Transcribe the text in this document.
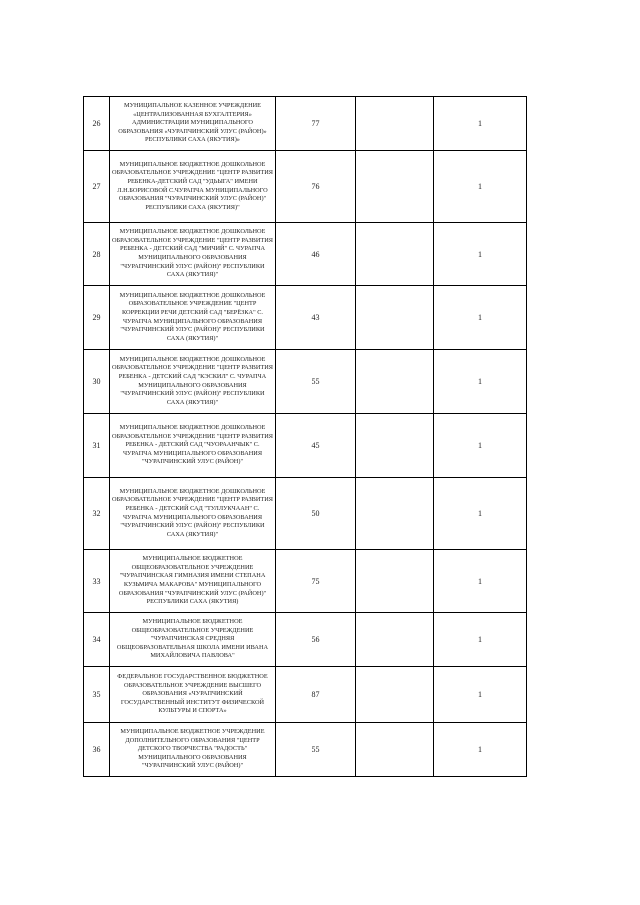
26	МУНИЦИПАЛЬНОЕ КАЗЕННОЕ УЧРЕЖДЕНИЕ «ЦЕНТРАЛИЗОВАННАЯ БУХГАЛТЕРИЯ» АДМИНИСТРАЦИИ МУНИЦИПАЛЬНОГО ОБРАЗОВАНИЯ «ЧУРАПЧИНСКИЙ УЛУС (РАЙОН)» РЕСПУБЛИКИ САХА (ЯКУТИЯ)»	77		1
27	МУНИЦИПАЛЬНОЕ БЮДЖЕТНОЕ ДОШКОЛЬНОЕ ОБРАЗОВАТЕЛЬНОЕ УЧРЕЖДЕНИЕ "ЦЕНТР РАЗВИТИЯ РЕБЕНКА-ДЕТСКИЙ САД "УДЬЫГА" ИМЕНИ Л.Н.БОРИСОВОЙ С.ЧУРАПЧА МУНИЦИПАЛЬНОГО ОБРАЗОВАНИЯ "ЧУРАПЧИНСКИЙ УЛУС (РАЙОН)" РЕСПУБЛИКИ САХА (ЯКУТИЯ)"	76		1
28	МУНИЦИПАЛЬНОЕ БЮДЖЕТНОЕ ДОШКОЛЬНОЕ ОБРАЗОВАТЕЛЬНОЕ УЧРЕЖДЕНИЕ "ЦЕНТР РАЗВИТИЯ РЕБЕНКА - ДЕТСКИЙ САД "МИЧИЙ" С. ЧУРАПЧА МУНИЦИПАЛЬНОГО ОБРАЗОВАНИЯ "ЧУРАПЧИНСКИЙ УЛУС (РАЙОН)" РЕСПУБЛИКИ САХА (ЯКУТИЯ)"	46		1
29	МУНИЦИПАЛЬНОЕ БЮДЖЕТНОЕ ДОШКОЛЬНОЕ ОБРАЗОВАТЕЛЬНОЕ УЧРЕЖДЕНИЕ "ЦЕНТР КОРРЕКЦИИ РЕЧИ ДЕТСКИЙ САД "БЕРЁЗКА" С. ЧУРАПЧА МУНИЦИПАЛЬНОГО ОБРАЗОВАНИЯ "ЧУРАПЧИНСКИЙ УЛУС (РАЙОН)" РЕСПУБЛИКИ САХА (ЯКУТИЯ)"	43		1
30	МУНИЦИПАЛЬНОЕ БЮДЖЕТНОЕ ДОШКОЛЬНОЕ ОБРАЗОВАТЕЛЬНОЕ УЧРЕЖДЕНИЕ "ЦЕНТР РАЗВИТИЯ РЕБЕНКА - ДЕТСКИЙ САД "КЭСКИЛ" С. ЧУРАПЧА МУНИЦИПАЛЬНОГО ОБРАЗОВАНИЯ "ЧУРАПЧИНСКИЙ УЛУС (РАЙОН)" РЕСПУБЛИКИ САХА (ЯКУТИЯ)"	55		1
31	МУНИЦИПАЛЬНОЕ БЮДЖЕТНОЕ ДОШКОЛЬНОЕ ОБРАЗОВАТЕЛЬНОЕ УЧРЕЖДЕНИЕ "ЦЕНТР РАЗВИТИЯ РЕБЕНКА - ДЕТСКИЙ САД "ЧУОРААНЧЫК" С. ЧУРАПЧА МУНИЦИПАЛЬНОГО ОБРАЗОВАНИЯ "ЧУРАПЧИНСКИЙ УЛУС (РАЙОН)"	45		1
32	МУНИЦИПАЛЬНОЕ БЮДЖЕТНОЕ ДОШКОЛЬНОЕ ОБРАЗОВАТЕЛЬНОЕ УЧРЕЖДЕНИЕ "ЦЕНТР РАЗВИТИЯ РЕБЕНКА - ДЕТСКИЙ САД "ТУЛЛУКЧААН" С. ЧУРАПЧА МУНИЦИПАЛЬНОГО ОБРАЗОВАНИЯ "ЧУРАПЧИНСКИЙ УЛУС (РАЙОН)" РЕСПУБЛИКИ САХА (ЯКУТИЯ)"	50		1
33	МУНИЦИПАЛЬНОЕ БЮДЖЕТНОЕ ОБЩЕОБРАЗОВАТЕЛЬНОЕ УЧРЕЖДЕНИЕ "ЧУРАПЧИНСКАЯ ГИМНАЗИЯ ИМЕНИ СТЕПАНА КУЗЬМИЧА МАКАРОВА" МУНИЦИПАЛЬНОГО ОБРАЗОВАНИЯ "ЧУРАПЧИНСКИЙ УЛУС (РАЙОН)" РЕСПУБЛИКИ САХА (ЯКУТИЯ)	75		1
34	МУНИЦИПАЛЬНОЕ БЮДЖЕТНОЕ ОБЩЕОБРАЗОВАТЕЛЬНОЕ УЧРЕЖДЕНИЕ "ЧУРАПЧИНСКАЯ СРЕДНЯЯ ОБЩЕОБРАЗОВАТЕЛЬНАЯ ШКОЛА ИМЕНИ ИВАНА МИХАЙЛОВИЧА ПАВЛОВА"	56		1
35	ФЕДЕРАЛЬНОЕ ГОСУДАРСТВЕННОЕ БЮДЖЕТНОЕ ОБРАЗОВАТЕЛЬНОЕ УЧРЕЖДЕНИЕ ВЫСШЕГО ОБРАЗОВАНИЯ «ЧУРАПЧИНСКИЙ ГОСУДАРСТВЕННЫЙ ИНСТИТУТ ФИЗИЧЕСКОЙ КУЛЬТУРЫ И СПОРТА»	87		1
36	МУНИЦИПАЛЬНОЕ БЮДЖЕТНОЕ УЧРЕЖДЕНИЕ ДОПОЛНИТЕЛЬНОГО ОБРАЗОВАНИЯ "ЦЕНТР ДЕТСКОГО ТВОРЧЕСТВА "РАДОСТЬ" МУНИЦИПАЛЬНОГО ОБРАЗОВАНИЯ "ЧУРАПЧИНСКИЙ УЛУС (РАЙОН)"	55		1
